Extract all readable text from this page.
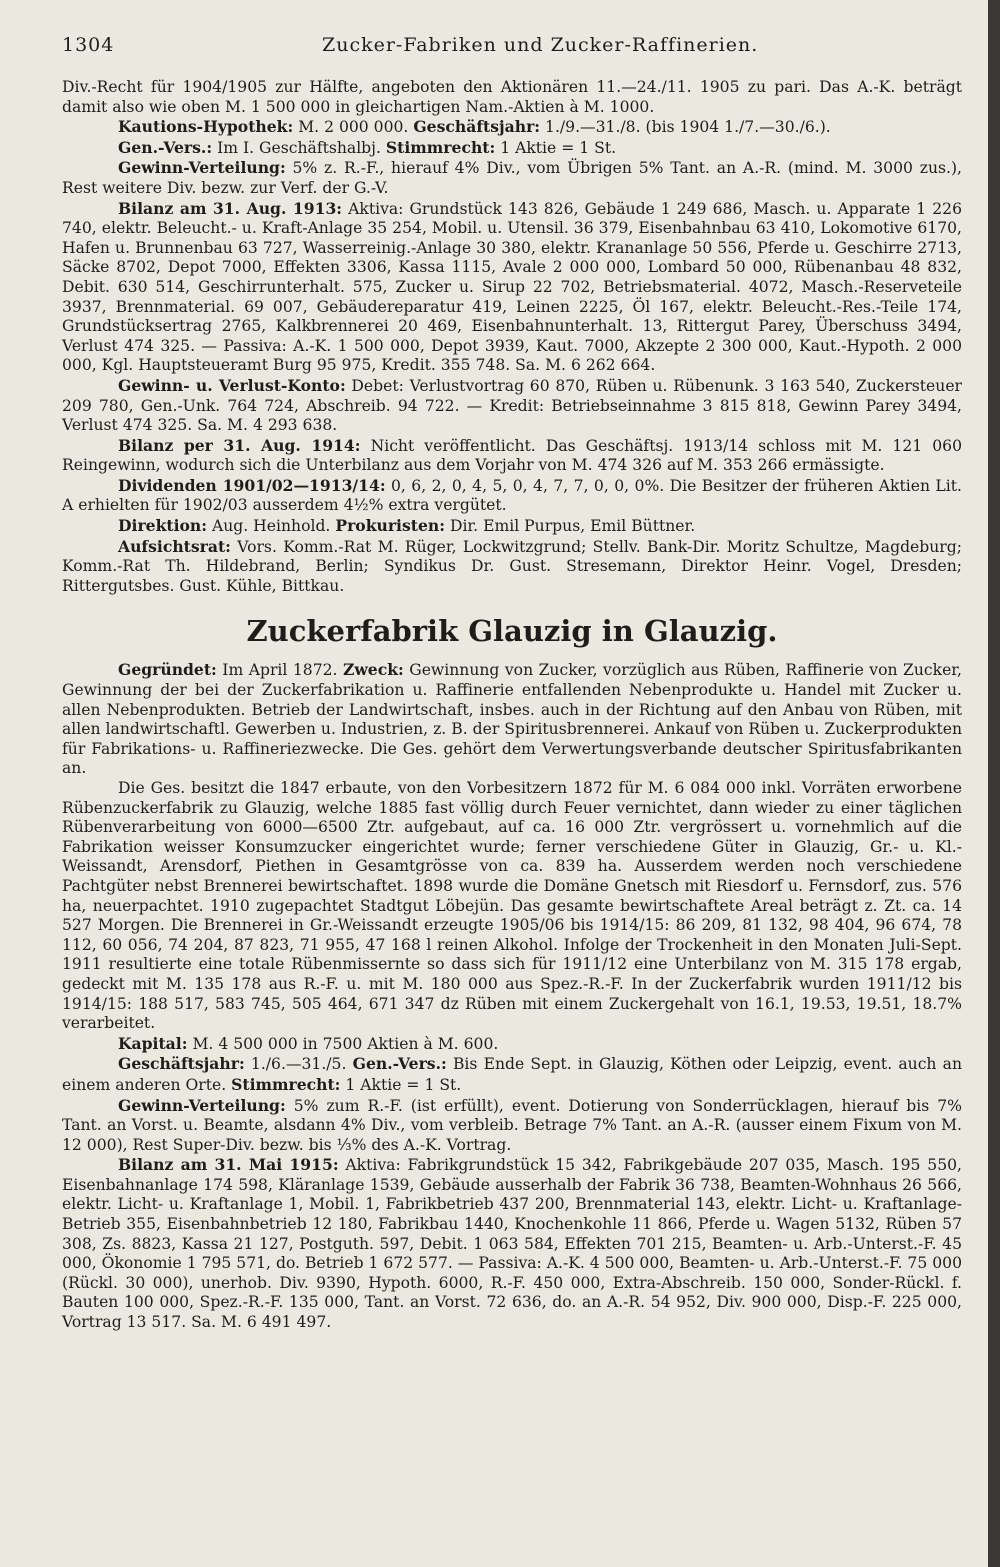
1304	Zucker-Fabriken und Zucker-Raffinerien.

Div.-Recht für 1904/1905 zur Hälfte, angeboten den Aktionären 11.—24./11. 1905 zu pari. Das A.-K. beträgt damit also wie oben M. 1 500 000 in gleichartigen Nam.-Aktien à M. 1000.

Kautions-Hypothek: M. 2 000 000. Geschäftsjahr: 1./9.—31./8. (bis 1904 1./7.—30./6.).

Gen.-Vers.: Im I. Geschäftshalbj. Stimmrecht: 1 Aktie = 1 St.

Gewinn-Verteilung: 5% z. R.-F., hierauf 4% Div., vom Übrigen 5% Tant. an A.-R. (mind. M. 3000 zus.), Rest weitere Div. bezw. zur Verf. der G.-V.

Bilanz am 31. Aug. 1913: Aktiva: Grundstück 143 826, Gebäude 1 249 686, Masch. u. Apparate 1 226 740, elektr. Beleucht.- u. Kraft-Anlage 35 254, Mobil. u. Utensil. 36 379, Eisenbahnbau 63 410, Lokomotive 6170, Hafen u. Brunnenbau 63 727, Wasserreinig.-Anlage 30 380, elektr. Krananlage 50 556, Pferde u. Geschirre 2713, Säcke 8702, Depot 7000, Effekten 3306, Kassa 1115, Avale 2 000 000, Lombard 50 000, Rübenanbau 48 832, Debit. 630 514, Geschirrunterhalt. 575, Zucker u. Sirup 22 702, Betriebsmaterial. 4072, Masch.-Reserveteile 3937, Brennmaterial. 69 007, Gebäudereparatur 419, Leinen 2225, Öl 167, elektr. Beleucht.-Res.-Teile 174, Grundstücksertrag 2765, Kalkbrennerei 20 469, Eisenbahnunterhalt. 13, Rittergut Parey, Überschuss 3494, Verlust 474 325. — Passiva: A.-K. 1 500 000, Depot 3939, Kaut. 7000, Akzepte 2 300 000, Kaut.-Hypoth. 2 000 000, Kgl. Hauptsteueramt Burg 95 975, Kredit. 355 748. Sa. M. 6 262 664.

Gewinn- u. Verlust-Konto: Debet: Verlustvortrag 60 870, Rüben u. Rübenunk. 3 163 540, Zuckersteuer 209 780, Gen.-Unk. 764 724, Abschreib. 94 722. — Kredit: Betriebseinnahme 3 815 818, Gewinn Parey 3494, Verlust 474 325. Sa. M. 4 293 638.

Bilanz per 31. Aug. 1914: Nicht veröffentlicht. Das Geschäftsj. 1913/14 schloss mit M. 121 060 Reingewinn, wodurch sich die Unterbilanz aus dem Vorjahr von M. 474 326 auf M. 353 266 ermässigte.

Dividenden 1901/02—1913/14: 0, 6, 2, 0, 4, 5, 0, 4, 7, 7, 0, 0, 0%. Die Besitzer der früheren Aktien Lit. A erhielten für 1902/03 ausserdem 4½% extra vergütet.

Direktion: Aug. Heinhold. Prokuristen: Dir. Emil Purpus, Emil Büttner.

Aufsichtsrat: Vors. Komm.-Rat M. Rüger, Lockwitzgrund; Stellv. Bank-Dir. Moritz Schultze, Magdeburg; Komm.-Rat Th. Hildebrand, Berlin; Syndikus Dr. Gust. Stresemann, Direktor Heinr. Vogel, Dresden; Rittergutsbes. Gust. Kühle, Bittkau.

Zuckerfabrik Glauzig in Glauzig.

Gegründet: Im April 1872. Zweck: Gewinnung von Zucker, vorzüglich aus Rüben, Raffinerie von Zucker, Gewinnung der bei der Zuckerfabrikation u. Raffinerie entfallenden Nebenprodukte u. Handel mit Zucker u. allen Nebenprodukten. Betrieb der Landwirtschaft, insbes. auch in der Richtung auf den Anbau von Rüben, mit allen landwirtschaftl. Gewerben u. Industrien, z. B. der Spiritusbrennerei. Ankauf von Rüben u. Zuckerprodukten für Fabrikations- u. Raffineriezwecke. Die Ges. gehört dem Verwertungsverbande deutscher Spiritusfabrikanten an.

Die Ges. besitzt die 1847 erbaute, von den Vorbesitzern 1872 für M. 6 084 000 inkl. Vorräten erworbene Rübenzuckerfabrik zu Glauzig, welche 1885 fast völlig durch Feuer vernichtet, dann wieder zu einer täglichen Rübenverarbeitung von 6000—6500 Ztr. aufgebaut, auf ca. 16 000 Ztr. vergrössert u. vornehmlich auf die Fabrikation weisser Konsumzucker eingerichtet wurde; ferner verschiedene Güter in Glauzig, Gr.- u. Kl.-Weissandt, Arensdorf, Piethen in Gesamtgrösse von ca. 839 ha. Ausserdem werden noch verschiedene Pachtgüter nebst Brennerei bewirtschaftet. 1898 wurde die Domäne Gnetsch mit Riesdorf u. Fernsdorf, zus. 576 ha, neuerpachtet. 1910 zugepachtet Stadtgut Löbejün. Das gesamte bewirtschaftete Areal beträgt z. Zt. ca. 14 527 Morgen. Die Brennerei in Gr.-Weissandt erzeugte 1905/06 bis 1914/15: 86 209, 81 132, 98 404, 96 674, 78 112, 60 056, 74 204, 87 823, 71 955, 47 168 l reinen Alkohol. Infolge der Trockenheit in den Monaten Juli-Sept. 1911 resultierte eine totale Rübenmissernte so dass sich für 1911/12 eine Unterbilanz von M. 315 178 ergab, gedeckt mit M. 135 178 aus R.-F. u. mit M. 180 000 aus Spez.-R.-F. In der Zuckerfabrik wurden 1911/12 bis 1914/15: 188 517, 583 745, 505 464, 671 347 dz Rüben mit einem Zuckergehalt von 16.1, 19.53, 19.51, 18.7% verarbeitet.

Kapital: M. 4 500 000 in 7500 Aktien à M. 600.

Geschäftsjahr: 1./6.—31./5. Gen.-Vers.: Bis Ende Sept. in Glauzig, Köthen oder Leipzig, event. auch an einem anderen Orte. Stimmrecht: 1 Aktie = 1 St.

Gewinn-Verteilung: 5% zum R.-F. (ist erfüllt), event. Dotierung von Sonderrücklagen, hierauf bis 7% Tant. an Vorst. u. Beamte, alsdann 4% Div., vom verbleib. Betrage 7% Tant. an A.-R. (ausser einem Fixum von M. 12 000), Rest Super-Div. bezw. bis ⅓% des A.-K. Vortrag.

Bilanz am 31. Mai 1915: Aktiva: Fabrikgrundstück 15 342, Fabrikgebäude 207 035, Masch. 195 550, Eisenbahnanlage 174 598, Kläranlage 1539, Gebäude ausserhalb der Fabrik 36 738, Beamten-Wohnhaus 26 566, elektr. Licht- u. Kraftanlage 1, Mobil. 1, Fabrikbetrieb 437 200, Brennmaterial 143, elektr. Licht- u. Kraftanlage-Betrieb 355, Eisenbahnbetrieb 12 180, Fabrikbau 1440, Knochenkohle 11 866, Pferde u. Wagen 5132, Rüben 57 308, Zs. 8823, Kassa 21 127, Postguth. 597, Debit. 1 063 584, Effekten 701 215, Beamten- u. Arb.-Unterst.-F. 45 000, Ökonomie 1 795 571, do. Betrieb 1 672 577. — Passiva: A.-K. 4 500 000, Beamten- u. Arb.-Unterst.-F. 75 000 (Rückl. 30 000), unerhob. Div. 9390, Hypoth. 6000, R.-F. 450 000, Extra-Abschreib. 150 000, Sonder-Rückl. f. Bauten 100 000, Spez.-R.-F. 135 000, Tant. an Vorst. 72 636, do. an A.-R. 54 952, Div. 900 000, Disp.-F. 225 000, Vortrag 13 517. Sa. M. 6 491 497.
